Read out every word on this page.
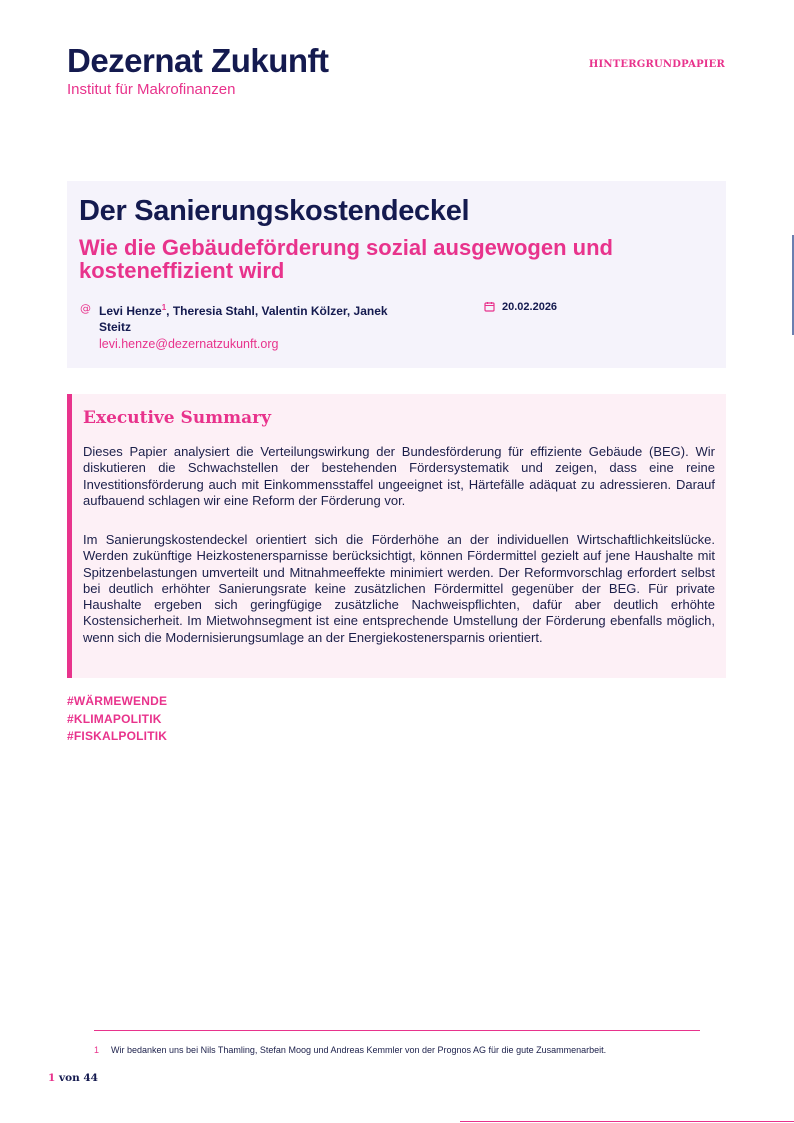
Dezernat Zukunft
Institut für Makrofinanzen
HINTERGRUNDPAPIER
Der Sanierungskostendeckel
Wie die Gebäudeförderung sozial ausgewogen und kosteneffizient wird
@ Levi Henze$^1$, Theresia Stahl, Valentin Kölzer, Janek Steitz
levi.henze@dezernatzukunft.org
20.02.2026
Executive Summary

Dieses Papier analysiert die Verteilungswirkung der Bundesförderung für effiziente Gebäude (BEG). Wir diskutieren die Schwachstellen der bestehenden Fördersystematik und zeigen, dass eine reine Investitionsförderung auch mit Einkommensstaffel ungeeignet ist, Härtefälle adäquat zu adressieren. Darauf aufbauend schlagen wir eine Reform der Förderung vor.

Im Sanierungskostendeckel orientiert sich die Förderhöhe an der individuellen Wirtschaftlichkeitslücke. Werden zukünftige Heizkostenersparnisse berücksichtigt, können Fördermittel gezielt auf jene Haushalte mit Spitzenbelastungen umverteilt und Mitnahmeeffekte minimiert werden. Der Reformvorschlag erfordert selbst bei deutlich erhöhter Sanierungsrate keine zusätzlichen Fördermittel gegenüber der BEG. Für private Haushalte ergeben sich geringfügige zusätzliche Nachweispflichten, dafür aber deutlich erhöhte Kostensicherheit. Im Mietwohnsegment ist eine entsprechende Umstellung der Förderung ebenfalls möglich, wenn sich die Modernisierungsumlage an der Energiekostenersparnis orientiert.

#WÄRMEWENDE
#KLIMAPOLITIK
#FISKALPOLITIK
1 Wir bedanken uns bei Nils Thamling, Stefan Moog und Andreas Kemmler von der Prognos AG für die gute Zusammenarbeit.
1 von 44
